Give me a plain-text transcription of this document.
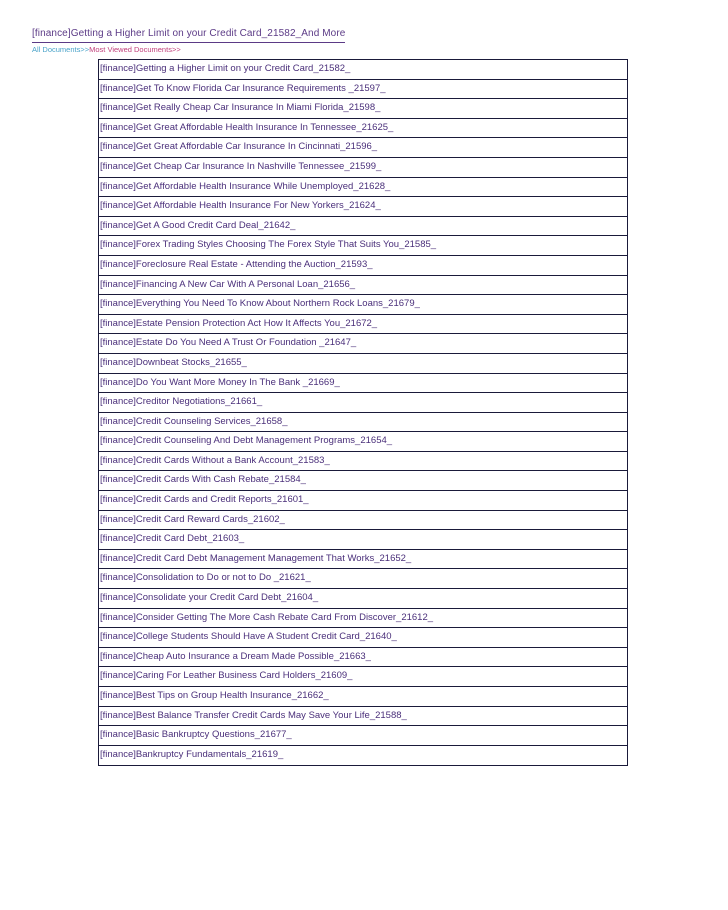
[finance]Getting a Higher Limit on your Credit Card_21582_And More
All Documents>>Most Viewed Documents>>
[finance]Getting a Higher Limit on your Credit Card_21582_
[finance]Get To Know Florida Car Insurance Requirements _21597_
[finance]Get Really Cheap Car Insurance In Miami Florida_21598_
[finance]Get Great Affordable Health Insurance In Tennessee_21625_
[finance]Get Great Affordable Car Insurance In Cincinnati_21596_
[finance]Get Cheap Car Insurance In Nashville Tennessee_21599_
[finance]Get Affordable Health Insurance While Unemployed_21628_
[finance]Get Affordable Health Insurance For New Yorkers_21624_
[finance]Get A Good Credit Card Deal_21642_
[finance]Forex Trading Styles Choosing The Forex Style That Suits You_21585_
[finance]Foreclosure Real Estate - Attending the Auction_21593_
[finance]Financing A New Car With A Personal Loan_21656_
[finance]Everything You Need To Know About Northern Rock Loans_21679_
[finance]Estate Pension Protection Act How It Affects You_21672_
[finance]Estate Do You Need A Trust Or Foundation _21647_
[finance]Downbeat Stocks_21655_
[finance]Do You Want More Money In The Bank _21669_
[finance]Creditor Negotiations_21661_
[finance]Credit Counseling Services_21658_
[finance]Credit Counseling And Debt Management Programs_21654_
[finance]Credit Cards Without a Bank Account_21583_
[finance]Credit Cards With Cash Rebate_21584_
[finance]Credit Cards and Credit Reports_21601_
[finance]Credit Card Reward Cards_21602_
[finance]Credit Card Debt_21603_
[finance]Credit Card Debt Management Management That Works_21652_
[finance]Consolidation to Do or not to Do _21621_
[finance]Consolidate your Credit Card Debt_21604_
[finance]Consider Getting The More Cash Rebate Card From Discover_21612_
[finance]College Students Should Have A Student Credit Card_21640_
[finance]Cheap Auto Insurance a Dream Made Possible_21663_
[finance]Caring For Leather Business Card Holders_21609_
[finance]Best Tips on Group Health Insurance_21662_
[finance]Best Balance Transfer Credit Cards May Save Your Life_21588_
[finance]Basic Bankruptcy Questions_21677_
[finance]Bankruptcy Fundamentals_21619_
